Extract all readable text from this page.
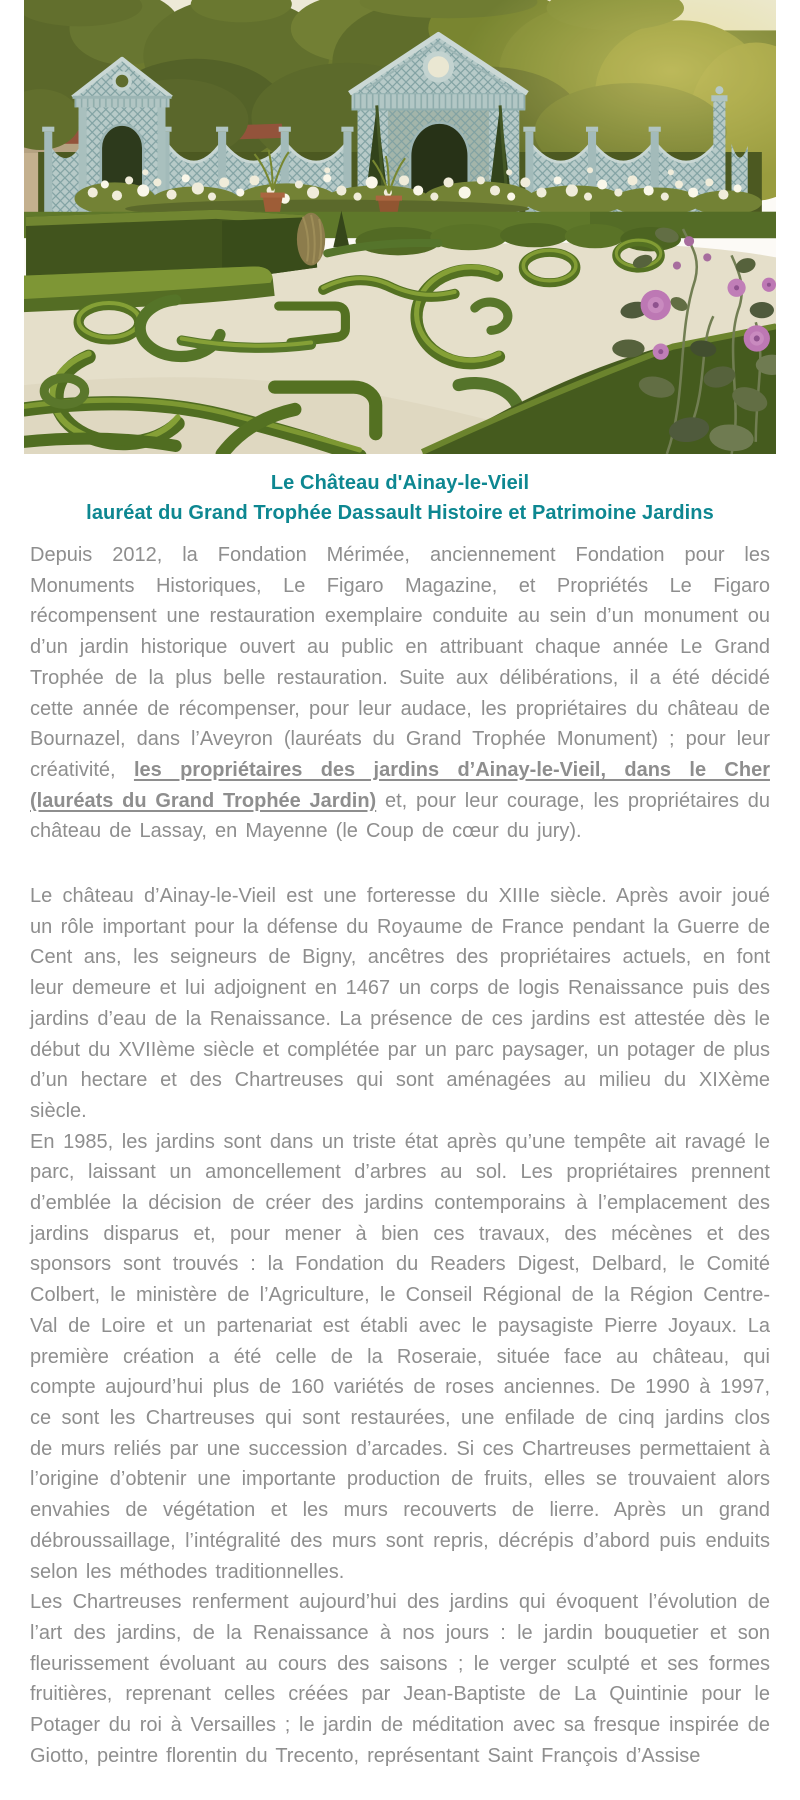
Le Château d'Ainay-le-Vieil
lauréat du Grand Trophée Dassault Histoire et Patrimoine Jardins

Depuis 2012, la Fondation Mérimée, anciennement Fondation pour les Monuments Historiques, Le Figaro Magazine, et Propriétés Le Figaro récompensent une restauration exemplaire conduite au sein d’un monument ou d’un jardin historique ouvert au public en attribuant chaque année Le Grand Trophée de la plus belle restauration. Suite aux délibérations, il a été décidé cette année de récompenser, pour leur audace, les propriétaires du château de Bournazel, dans l’Aveyron (lauréats du Grand Trophée Monument) ; pour leur créativité, les propriétaires des jardins d’Ainay-le-Vieil, dans le Cher (lauréats du Grand Trophée Jardin) et, pour leur courage, les propriétaires du château de Lassay, en Mayenne (le Coup de cœur du jury).

Le château d’Ainay-le-Vieil est une forteresse du XIIIe siècle. Après avoir joué un rôle important pour la défense du Royaume de France pendant la Guerre de Cent ans, les seigneurs de Bigny, ancêtres des propriétaires actuels, en font leur demeure et lui adjoignent en 1467 un corps de logis Renaissance puis des jardins d’eau de la Renaissance. La présence de ces jardins est attestée dès le début du XVIIème siècle et complétée par un parc paysager, un potager de plus d’un hectare et des Chartreuses qui sont aménagées au milieu du XIXème siècle.

En 1985, les jardins sont dans un triste état après qu’une tempête ait ravagé le parc, laissant un amoncellement d’arbres au sol. Les propriétaires prennent d’emblée la décision de créer des jardins contemporains à l’emplacement des jardins disparus et, pour mener à bien ces travaux, des mécènes et des sponsors sont trouvés : la Fondation du Readers Digest, Delbard, le Comité Colbert, le ministère de l’Agriculture, le Conseil Régional de la Région Centre-Val de Loire et un partenariat est établi avec le paysagiste Pierre Joyaux. La première création a été celle de la Roseraie, située face au château, qui compte aujourd’hui plus de 160 variétés de roses anciennes. De 1990 à 1997, ce sont les Chartreuses qui sont restaurées, une enfilade de cinq jardins clos de murs reliés par une succession d’arcades. Si ces Chartreuses permettaient à l’origine d’obtenir une importante production de fruits, elles se trouvaient alors envahies de végétation et les murs recouverts de lierre. Après un grand débroussaillage, l’intégralité des murs sont repris, décrépis d’abord puis enduits selon les méthodes traditionnelles.

Les Chartreuses renferment aujourd’hui des jardins qui évoquent l’évolution de l’art des jardins, de la Renaissance à nos jours : le jardin bouquetier et son fleurissement évoluant au cours des saisons ; le verger sculpté et ses formes fruitières, reprenant celles créées par Jean-Baptiste de La Quintinie pour le Potager du roi à Versailles ; le jardin de méditation avec sa fresque inspirée de Giotto, peintre florentin du Trecento, représentant Saint François d’Assise
